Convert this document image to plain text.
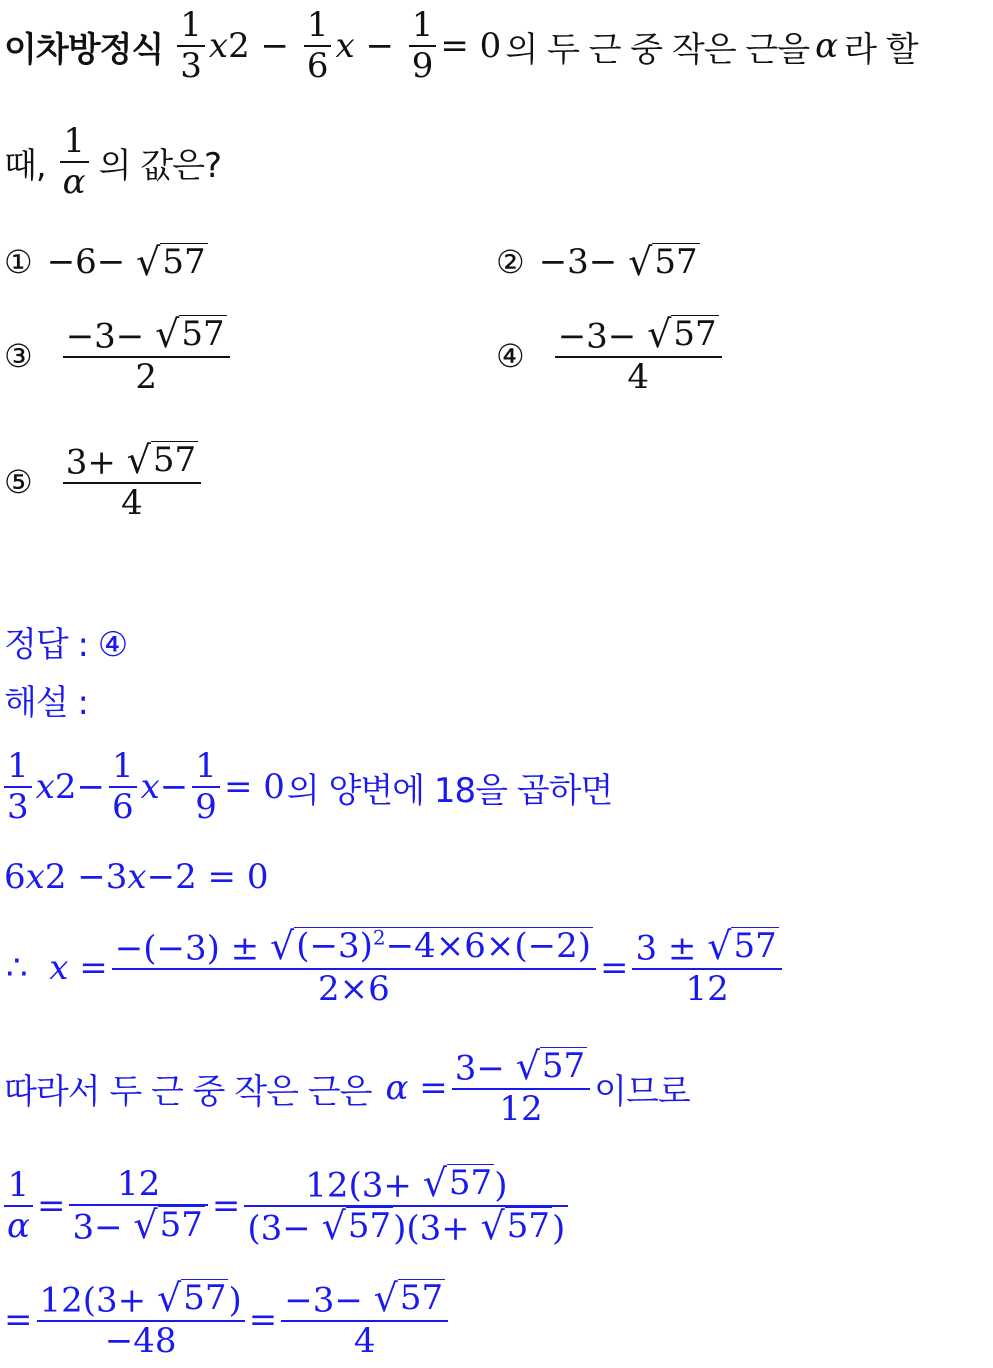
이차방정식 $\frac{1}{3}$ x $2 - \frac{1}{6}$ $x - \frac{1}{9} = 0$ 의 두 근 중 작은 근을 α 라 할
때, $\frac{1}{\alpha}$ 의 값은?
① −6− √ 57	② −3− √ 57
③ $\frac{-3- √ 57}{2}$	④ $\frac{-3- √ 57}{4}$
⑤ $\frac{3+ √ 57}{4}$
정답 : ④
해설 :
$\frac{1}{3}$ x $2 - \frac{1}{6}$ $x - \frac{1}{9} = 0$ 의 양변에 18을 곱하면
6 x 2 −3 x −2 = 0
∴ $x = \frac{-(-3) \pm √ (-3)^2-4\times 6\times(-2)}{2\times 6} = \frac{3 \pm √ 57}{12}$
따라서 두 근 중 작은 근은 $\alpha = \frac{3- √ 57}{12}$ 이므로
$\frac{1}{\alpha} = \frac{12}{3- √ 57} = \frac{12(3+ √ 57 )}{(3- √ 57 )(3+ √ 57 )}$
= $\frac{12(3+ √ 57 )}{-48} = \frac{-3- √ 57}{4}$
